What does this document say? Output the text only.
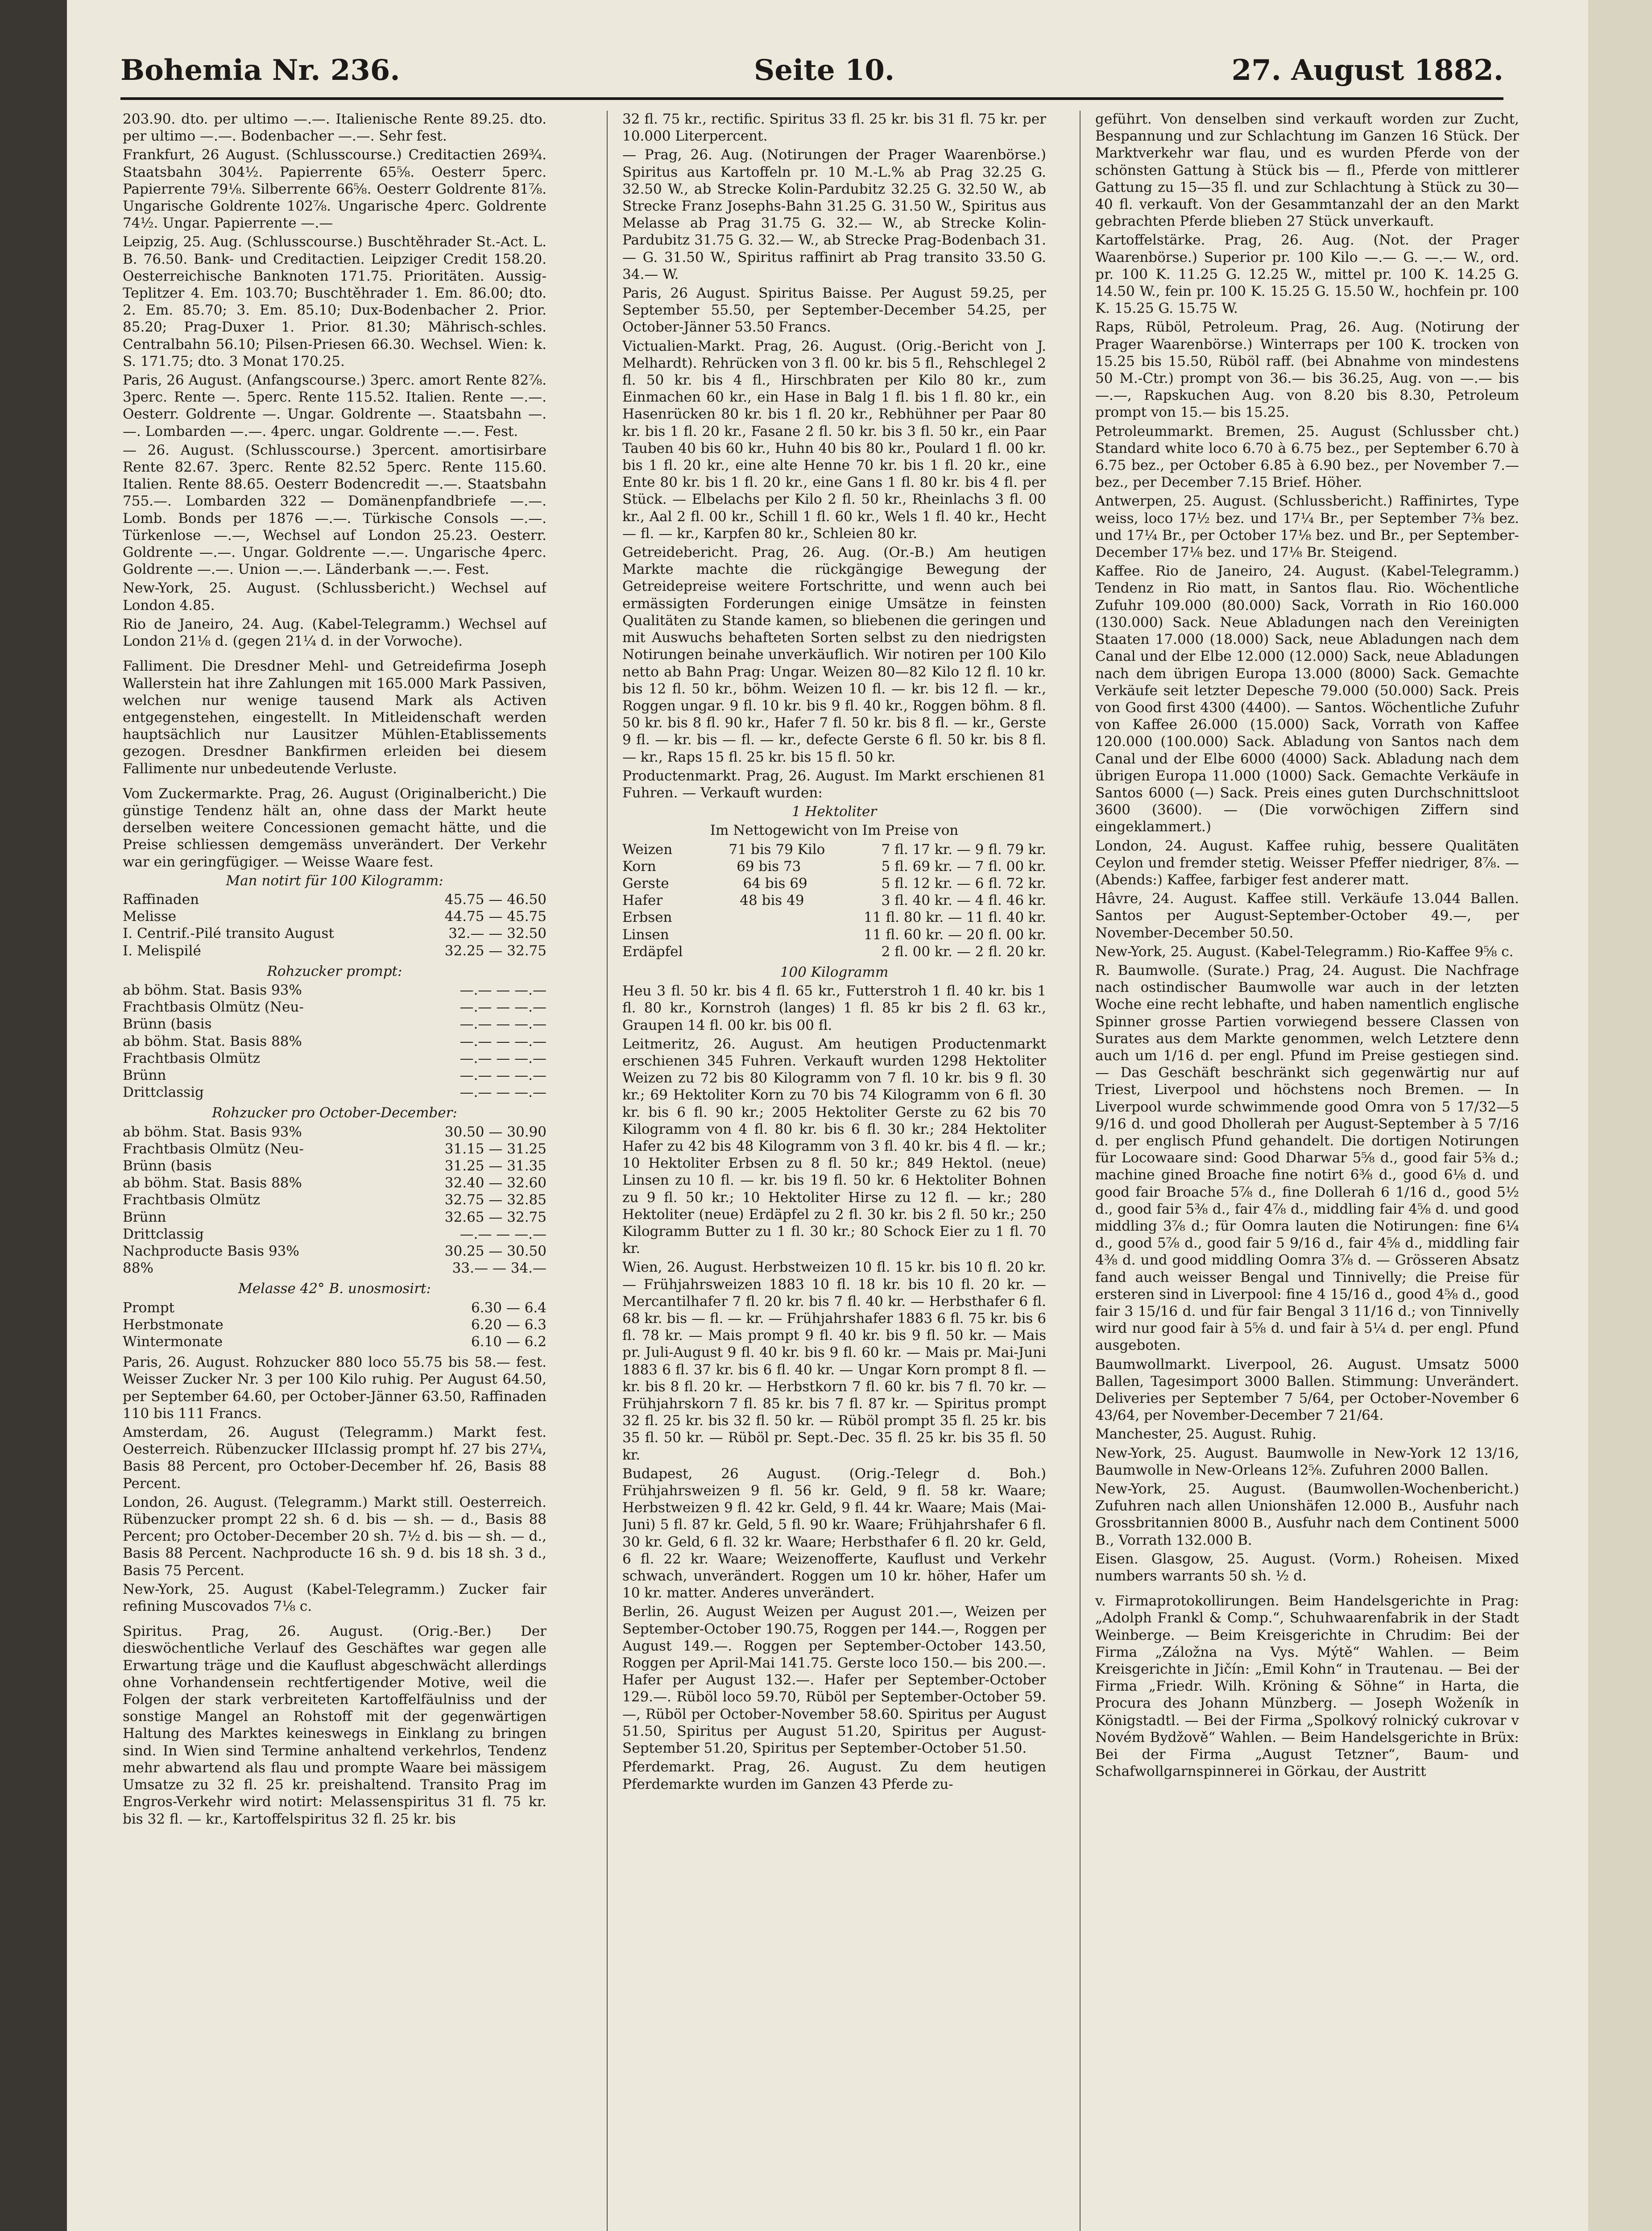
Bohemia Nr. 236.	Seite 10.	27. August 1882.

203.90. dto. per ultimo —.—. Italienische Rente 89.25. dto. per ultimo —.—. Bodenbacher —.—. Sehr fest.

Frankfurt, 26 August. (Schlusscourse.) Creditactien 269¾. Staatsbahn 304½. Papierrente 65⅝. Oesterr 5perc. Papierrente 79⅛. Silberrente 66⅝. Oesterr Goldrente 81⅞. Ungarische Goldrente 102⅞. Ungarische 4perc. Goldrente 74½. Ungar. Papierrente —.—

Leipzig, 25. Aug. (Schlusscourse.) Buschtěhrader St.-Act. L. B. 76.50. Bank- und Creditactien. Leipziger Credit 158.20. Oesterreichische Banknoten 171.75. Prioritäten. Aussig-Teplitzer 4. Em. 103.70; Buschtěhrader 1. Em. 86.00; dto. 2. Em. 85.70; 3. Em. 85.10; Dux-Bodenbacher 2. Prior. 85.20; Prag-Duxer 1. Prior. 81.30; Mährisch-schles. Centralbahn 56.10; Pilsen-Priesen 66.30. Wechsel. Wien: k. S. 171.75; dto. 3 Monat 170.25.

Paris, 26 August. (Anfangscourse.) 3perc. amort Rente 82⅞. 3perc. Rente —. 5perc. Rente 115.52. Italien. Rente —.—. Oesterr. Goldrente —. Ungar. Goldrente —. Staatsbahn —.—. Lombarden —.—. 4perc. ungar. Goldrente —.—. Fest.

— 26. August. (Schlusscourse.) 3percent. amortisirbare Rente 82.67. 3perc. Rente 82.52 5perc. Rente 115.60. Italien. Rente 88.65. Oesterr Bodencredit —.—. Staatsbahn 755.—. Lombarden 322 — Domänenpfandbriefe —.—. Lomb. Bonds per 1876 —.—. Türkische Consols —.—. Türkenlose —.—, Wechsel auf London 25.23. Oesterr. Goldrente —.—. Ungar. Goldrente —.—. Ungarische 4perc. Goldrente —.—. Union —.—. Länderbank —.—. Fest.

New-York, 25. August. (Schlussbericht.) Wechsel auf London 4.85.

Rio de Janeiro, 24. Aug. (Kabel-Telegramm.) Wechsel auf London 21⅛ d. (gegen 21¼ d. in der Vorwoche).

Falliment. Die Dresdner Mehl- und Getreidefirma Joseph Wallerstein hat ihre Zahlungen mit 165.000 Mark Passiven, welchen nur wenige tausend Mark als Activen entgegenstehen, eingestellt. In Mitleidenschaft werden hauptsächlich nur Lausitzer Mühlen-Etablissements gezogen. Dresdner Bankfirmen erleiden bei diesem Fallimente nur unbedeutende Verluste.

Vom Zuckermarkte. Prag, 26. August (Originalbericht.) Die günstige Tendenz hält an, ohne dass der Markt heute derselben weitere Concessionen gemacht hätte, und die Preise schliessen demgemäss unverändert. Der Verkehr war ein geringfügiger. — Weisse Waare fest.

Man notirt für 100 Kilogramm:

Raffinaden	45.75 — 46.50
Melisse	44.75 — 45.75
I. Centrif.-Pilé transito August	32.— — 32.50
I. Melispilé	32.25 — 32.75

Rohzucker prompt:

ab böhm. Stat. Basis 93%	—.— — —.—
Frachtbasis Olmütz (Neu-	—.— — —.—
Brünn (basis	—.— — —.—
ab böhm. Stat. Basis 88%	—.— — —.—
Frachtbasis Olmütz	—.— — —.—
Brünn	—.— — —.—
Drittclassig	—.— — —.—

Rohzucker pro October-December:

ab böhm. Stat. Basis 93%	30.50 — 30.90
Frachtbasis Olmütz (Neu-	31.15 — 31.25
Brünn (basis	31.25 — 31.35
ab böhm. Stat. Basis 88%	32.40 — 32.60
Frachtbasis Olmütz	32.75 — 32.85
Brünn	32.65 — 32.75
Drittclassig	—.— — —.—
Nachproducte Basis 93%	30.25 — 30.50
88%	33.— — 34.—

Melasse 42° B. unosmosirt:

Prompt	6.30 — 6.4
Herbstmonate	6.20 — 6.3
Wintermonate	6.10 — 6.2

Paris, 26. August. Rohzucker 880 loco 55.75 bis 58.— fest. Weisser Zucker Nr. 3 per 100 Kilo ruhig. Per August 64.50, per September 64.60, per October-Jänner 63.50, Raffinaden 110 bis 111 Francs.

Amsterdam, 26. August (Telegramm.) Markt fest. Oesterreich. Rübenzucker IIIclassig prompt hf. 27 bis 27¼, Basis 88 Percent, pro October-December hf. 26, Basis 88 Percent.

London, 26. August. (Telegramm.) Markt still. Oesterreich. Rübenzucker prompt 22 sh. 6 d. bis — sh. — d., Basis 88 Percent; pro October-December 20 sh. 7½ d. bis — sh. — d., Basis 88 Percent. Nachproducte 16 sh. 9 d. bis 18 sh. 3 d., Basis 75 Percent.

New-York, 25. August (Kabel-Telegramm.) Zucker fair refining Muscovados 7⅛ c.

Spiritus. Prag, 26. August. (Orig.-Ber.) Der dieswöchentliche Verlauf des Geschäftes war gegen alle Erwartung träge und die Kauflust abgeschwächt allerdings ohne Vorhandensein rechtfertigender Motive, weil die Folgen der stark verbreiteten Kartoffelfäulniss und der sonstige Mangel an Rohstoff mit der gegenwärtigen Haltung des Marktes keineswegs in Einklang zu bringen sind. In Wien sind Termine anhaltend verkehrlos, Tendenz mehr abwartend als flau und prompte Waare bei mässigem Umsatze zu 32 fl. 25 kr. preishaltend. Transito Prag im Engros-Verkehr wird notirt: Melassenspiritus 31 fl. 75 kr. bis 32 fl. — kr., Kartoffelspiritus 32 fl. 25 kr. bis

32 fl. 75 kr., rectific. Spiritus 33 fl. 25 kr. bis 31 fl. 75 kr. per 10.000 Literpercent.

— Prag, 26. Aug. (Notirungen der Prager Waarenbörse.) Spiritus aus Kartoffeln pr. 10 M.-L.% ab Prag 32.25 G. 32.50 W., ab Strecke Kolin-Pardubitz 32.25 G. 32.50 W., ab Strecke Franz Josephs-Bahn 31.25 G. 31.50 W., Spiritus aus Melasse ab Prag 31.75 G. 32.— W., ab Strecke Kolin-Pardubitz 31.75 G. 32.— W., ab Strecke Prag-Bodenbach 31.— G. 31.50 W., Spiritus raffinirt ab Prag transito 33.50 G. 34.— W.

Paris, 26 August. Spiritus Baisse. Per August 59.25, per September 55.50, per September-December 54.25, per October-Jänner 53.50 Francs.

Victualien-Markt. Prag, 26. August. (Orig.-Bericht von J. Melhardt). Rehrücken von 3 fl. 00 kr. bis 5 fl., Rehschlegel 2 fl. 50 kr. bis 4 fl., Hirschbraten per Kilo 80 kr., zum Einmachen 60 kr., ein Hase in Balg 1 fl. bis 1 fl. 80 kr., ein Hasenrücken 80 kr. bis 1 fl. 20 kr., Rebhühner per Paar 80 kr. bis 1 fl. 20 kr., Fasane 2 fl. 50 kr. bis 3 fl. 50 kr., ein Paar Tauben 40 bis 60 kr., Huhn 40 bis 80 kr., Poulard 1 fl. 00 kr. bis 1 fl. 20 kr., eine alte Henne 70 kr. bis 1 fl. 20 kr., eine Ente 80 kr. bis 1 fl. 20 kr., eine Gans 1 fl. 80 kr. bis 4 fl. per Stück. — Elbelachs per Kilo 2 fl. 50 kr., Rheinlachs 3 fl. 00 kr., Aal 2 fl. 00 kr., Schill 1 fl. 60 kr., Wels 1 fl. 40 kr., Hecht — fl. — kr., Karpfen 80 kr., Schleien 80 kr.

Getreidebericht. Prag, 26. Aug. (Or.-B.) Am heutigen Markte machte die rückgängige Bewegung der Getreidepreise weitere Fortschritte, und wenn auch bei ermässigten Forderungen einige Umsätze in feinsten Qualitäten zu Stande kamen, so bliebenen die geringen und mit Auswuchs behafteten Sorten selbst zu den niedrigsten Notirungen beinahe unverkäuflich. Wir notiren per 100 Kilo netto ab Bahn Prag: Ungar. Weizen 80—82 Kilo 12 fl. 10 kr. bis 12 fl. 50 kr., böhm. Weizen 10 fl. — kr. bis 12 fl. — kr., Roggen ungar. 9 fl. 10 kr. bis 9 fl. 40 kr., Roggen böhm. 8 fl. 50 kr. bis 8 fl. 90 kr., Hafer 7 fl. 50 kr. bis 8 fl. — kr., Gerste 9 fl. — kr. bis — fl. — kr., defecte Gerste 6 fl. 50 kr. bis 8 fl. — kr., Raps 15 fl. 25 kr. bis 15 fl. 50 kr.

Productenmarkt. Prag, 26. August. Im Markt erschienen 81 Fuhren. — Verkauft wurden:

1 Hektoliter

Im Nettogewicht von Im Preise von

Weizen	71 bis 79 Kilo	7 fl. 17 kr. — 9 fl. 79 kr.
Korn	69 bis 73	5 fl. 69 kr. — 7 fl. 00 kr.
Gerste	64 bis 69	5 fl. 12 kr. — 6 fl. 72 kr.
Hafer	48 bis 49	3 fl. 40 kr. — 4 fl. 46 kr.
Erbsen	11 fl. 80 kr. — 11 fl. 40 kr.
Linsen	11 fl. 60 kr. — 20 fl. 00 kr.
Erdäpfel	2 fl. 00 kr. — 2 fl. 20 kr.

100 Kilogramm

Heu 3 fl. 50 kr. bis 4 fl. 65 kr., Futterstroh 1 fl. 40 kr. bis 1 fl. 80 kr., Kornstroh (langes) 1 fl. 85 kr bis 2 fl. 63 kr., Graupen 14 fl. 00 kr. bis 00 fl.

Leitmeritz, 26. August. Am heutigen Productenmarkt erschienen 345 Fuhren. Verkauft wurden 1298 Hektoliter Weizen zu 72 bis 80 Kilogramm von 7 fl. 10 kr. bis 9 fl. 30 kr.; 69 Hektoliter Korn zu 70 bis 74 Kilogramm von 6 fl. 30 kr. bis 6 fl. 90 kr.; 2005 Hektoliter Gerste zu 62 bis 70 Kilogramm von 4 fl. 80 kr. bis 6 fl. 30 kr.; 284 Hektoliter Hafer zu 42 bis 48 Kilogramm von 3 fl. 40 kr. bis 4 fl. — kr.; 10 Hektoliter Erbsen zu 8 fl. 50 kr.; 849 Hektol. (neue) Linsen zu 10 fl. — kr. bis 19 fl. 50 kr. 6 Hektoliter Bohnen zu 9 fl. 50 kr.; 10 Hektoliter Hirse zu 12 fl. — kr.; 280 Hektoliter (neue) Erdäpfel zu 2 fl. 30 kr. bis 2 fl. 50 kr.; 250 Kilogramm Butter zu 1 fl. 30 kr.; 80 Schock Eier zu 1 fl. 70 kr.

Wien, 26. August. Herbstweizen 10 fl. 15 kr. bis 10 fl. 20 kr. — Frühjahrsweizen 1883 10 fl. 18 kr. bis 10 fl. 20 kr. — Mercantilhafer 7 fl. 20 kr. bis 7 fl. 40 kr. — Herbsthafer 6 fl. 68 kr. bis — fl. — kr. — Frühjahrshafer 1883 6 fl. 75 kr. bis 6 fl. 78 kr. — Mais prompt 9 fl. 40 kr. bis 9 fl. 50 kr. — Mais pr. Juli-August 9 fl. 40 kr. bis 9 fl. 60 kr. — Mais pr. Mai-Juni 1883 6 fl. 37 kr. bis 6 fl. 40 kr. — Ungar Korn prompt 8 fl. — kr. bis 8 fl. 20 kr. — Herbstkorn 7 fl. 60 kr. bis 7 fl. 70 kr. — Frühjahrskorn 7 fl. 85 kr. bis 7 fl. 87 kr. — Spiritus prompt 32 fl. 25 kr. bis 32 fl. 50 kr. — Rüböl prompt 35 fl. 25 kr. bis 35 fl. 50 kr. — Rüböl pr. Sept.-Dec. 35 fl. 25 kr. bis 35 fl. 50 kr.

Budapest, 26 August. (Orig.-Telegr d. Boh.) Frühjahrsweizen 9 fl. 56 kr. Geld, 9 fl. 58 kr. Waare; Herbstweizen 9 fl. 42 kr. Geld, 9 fl. 44 kr. Waare; Mais (Mai-Juni) 5 fl. 87 kr. Geld, 5 fl. 90 kr. Waare; Frühjahrshafer 6 fl. 30 kr. Geld, 6 fl. 32 kr. Waare; Herbsthafer 6 fl. 20 kr. Geld, 6 fl. 22 kr. Waare; Weizenofferte, Kauflust und Verkehr schwach, unverändert. Roggen um 10 kr. höher, Hafer um 10 kr. matter. Anderes unverändert.

Berlin, 26. August Weizen per August 201.—, Weizen per September-October 190.75, Roggen per 144.—, Roggen per August 149.—. Roggen per September-October 143.50, Roggen per April-Mai 141.75. Gerste loco 150.— bis 200.—. Hafer per August 132.—. Hafer per September-October 129.—. Rüböl loco 59.70, Rüböl per September-October 59.—, Rüböl per October-November 58.60. Spiritus per August 51.50, Spiritus per August 51.20, Spiritus per August-September 51.20, Spiritus per September-October 51.50.

Pferdemarkt. Prag, 26. August. Zu dem heutigen Pferdemarkte wurden im Ganzen 43 Pferde zu-

geführt. Von denselben sind verkauft worden zur Zucht, Bespannung und zur Schlachtung im Ganzen 16 Stück. Der Marktverkehr war flau, und es wurden Pferde von der schönsten Gattung à Stück bis — fl., Pferde von mittlerer Gattung zu 15—35 fl. und zur Schlachtung à Stück zu 30—40 fl. verkauft. Von der Gesammtanzahl der an den Markt gebrachten Pferde blieben 27 Stück unverkauft.

Kartoffelstärke. Prag, 26. Aug. (Not. der Prager Waarenbörse.) Superior pr. 100 Kilo —.— G. —.— W., ord. pr. 100 K. 11.25 G. 12.25 W., mittel pr. 100 K. 14.25 G. 14.50 W., fein pr. 100 K. 15.25 G. 15.50 W., hochfein pr. 100 K. 15.25 G. 15.75 W.

Raps, Rüböl, Petroleum. Prag, 26. Aug. (Notirung der Prager Waarenbörse.) Winterraps per 100 K. trocken von 15.25 bis 15.50, Rüböl raff. (bei Abnahme von mindestens 50 M.-Ctr.) prompt von 36.— bis 36.25, Aug. von —.— bis —.—, Rapskuchen Aug. von 8.20 bis 8.30, Petroleum prompt von 15.— bis 15.25.

Petroleummarkt. Bremen, 25. August (Schlussber cht.) Standard white loco 6.70 à 6.75 bez., per September 6.70 à 6.75 bez., per October 6.85 à 6.90 bez., per November 7.— bez., per December 7.15 Brief. Höher.

Antwerpen, 25. August. (Schlussbericht.) Raffinirtes, Type weiss, loco 17½ bez. und 17¼ Br., per September 7⅜ bez. und 17¼ Br., per October 17⅛ bez. und Br., per September-December 17⅛ bez. und 17⅛ Br. Steigend.

Kaffee. Rio de Janeiro, 24. August. (Kabel-Telegramm.) Tendenz in Rio matt, in Santos flau. Rio. Wöchentliche Zufuhr 109.000 (80.000) Sack, Vorrath in Rio 160.000 (130.000) Sack. Neue Abladungen nach den Vereinigten Staaten 17.000 (18.000) Sack, neue Abladungen nach dem Canal und der Elbe 12.000 (12.000) Sack, neue Abladungen nach dem übrigen Europa 13.000 (8000) Sack. Gemachte Verkäufe seit letzter Depesche 79.000 (50.000) Sack. Preis von Good first 4300 (4400). — Santos. Wöchentliche Zufuhr von Kaffee 26.000 (15.000) Sack, Vorrath von Kaffee 120.000 (100.000) Sack. Abladung von Santos nach dem Canal und der Elbe 6000 (4000) Sack. Abladung nach dem übrigen Europa 11.000 (1000) Sack. Gemachte Verkäufe in Santos 6000 (—) Sack. Preis eines guten Durchschnittsloot 3600 (3600). — (Die vorwöchigen Ziffern sind eingeklammert.)

London, 24. August. Kaffee ruhig, bessere Qualitäten Ceylon und fremder stetig. Weisser Pfeffer niedriger, 8⅞. — (Abends:) Kaffee, farbiger fest anderer matt.

Hâvre, 24. August. Kaffee still. Verkäufe 13.044 Ballen. Santos per August-September-October 49.—, per November-December 50.50.

New-York, 25. August. (Kabel-Telegramm.) Rio-Kaffee 9⅝ c.

R. Baumwolle. (Surate.) Prag, 24. August. Die Nachfrage nach ostindischer Baumwolle war auch in der letzten Woche eine recht lebhafte, und haben namentlich englische Spinner grosse Partien vorwiegend bessere Classen von Surates aus dem Markte genommen, welch Letztere denn auch um 1/16 d. per engl. Pfund im Preise gestiegen sind. — Das Geschäft beschränkt sich gegenwärtig nur auf Triest, Liverpool und höchstens noch Bremen. — In Liverpool wurde schwimmende good Omra von 5 17/32—5 9/16 d. und good Dhollerah per August-September à 5 7/16 d. per englisch Pfund gehandelt. Die dortigen Notirungen für Locowaare sind: Good Dharwar 5⅝ d., good fair 5⅜ d.; machine gined Broache fine notirt 6⅜ d., good 6⅛ d. und good fair Broache 5⅞ d., fine Dollerah 6 1/16 d., good 5½ d., good fair 5⅜ d., fair 4⅞ d., middling fair 4⅝ d. und good middling 3⅞ d.; für Oomra lauten die Notirungen: fine 6¼ d., good 5⅞ d., good fair 5 9/16 d., fair 4⅝ d., middling fair 4⅜ d. und good middling Oomra 3⅞ d. — Grösseren Absatz fand auch weisser Bengal und Tinnivelly; die Preise für ersteren sind in Liverpool: fine 4 15/16 d., good 4⅝ d., good fair 3 15/16 d. und für fair Bengal 3 11/16 d.; von Tinnivelly wird nur good fair à 5⅝ d. und fair à 5¼ d. per engl. Pfund ausgeboten.

Baumwollmarkt. Liverpool, 26. August. Umsatz 5000 Ballen, Tagesimport 3000 Ballen. Stimmung: Unverändert. Deliveries per September 7 5/64, per October-November 6 43/64, per November-December 7 21/64.

Manchester, 25. August. Ruhig.

New-York, 25. August. Baumwolle in New-York 12 13/16, Baumwolle in New-Orleans 12⅝. Zufuhren 2000 Ballen.

New-York, 25. August. (Baumwollen-Wochenbericht.) Zufuhren nach allen Unionshäfen 12.000 B., Ausfuhr nach Grossbritannien 8000 B., Ausfuhr nach dem Continent 5000 B., Vorrath 132.000 B.

Eisen. Glasgow, 25. August. (Vorm.) Roheisen. Mixed numbers warrants 50 sh. ½ d.

v. Firmaprotokollirungen. Beim Handelsgerichte in Prag: „Adolph Frankl & Comp.“, Schuhwaarenfabrik in der Stadt Weinberge. — Beim Kreisgerichte in Chrudim: Bei der Firma „Záložna na Vys. Mýtě“ Wahlen. — Beim Kreisgerichte in Jičín: „Emil Kohn“ in Trautenau. — Bei der Firma „Friedr. Wilh. Kröning & Söhne“ in Harta, die Procura des Johann Münzberg. — Joseph Woženík in Königstadtl. — Bei der Firma „Spolkový rolnický cukrovar v Novém Bydžově“ Wahlen. — Beim Handelsgerichte in Brüx: Bei der Firma „August Tetzner“, Baum- und Schafwollgarnspinnerei in Görkau, der Austritt
